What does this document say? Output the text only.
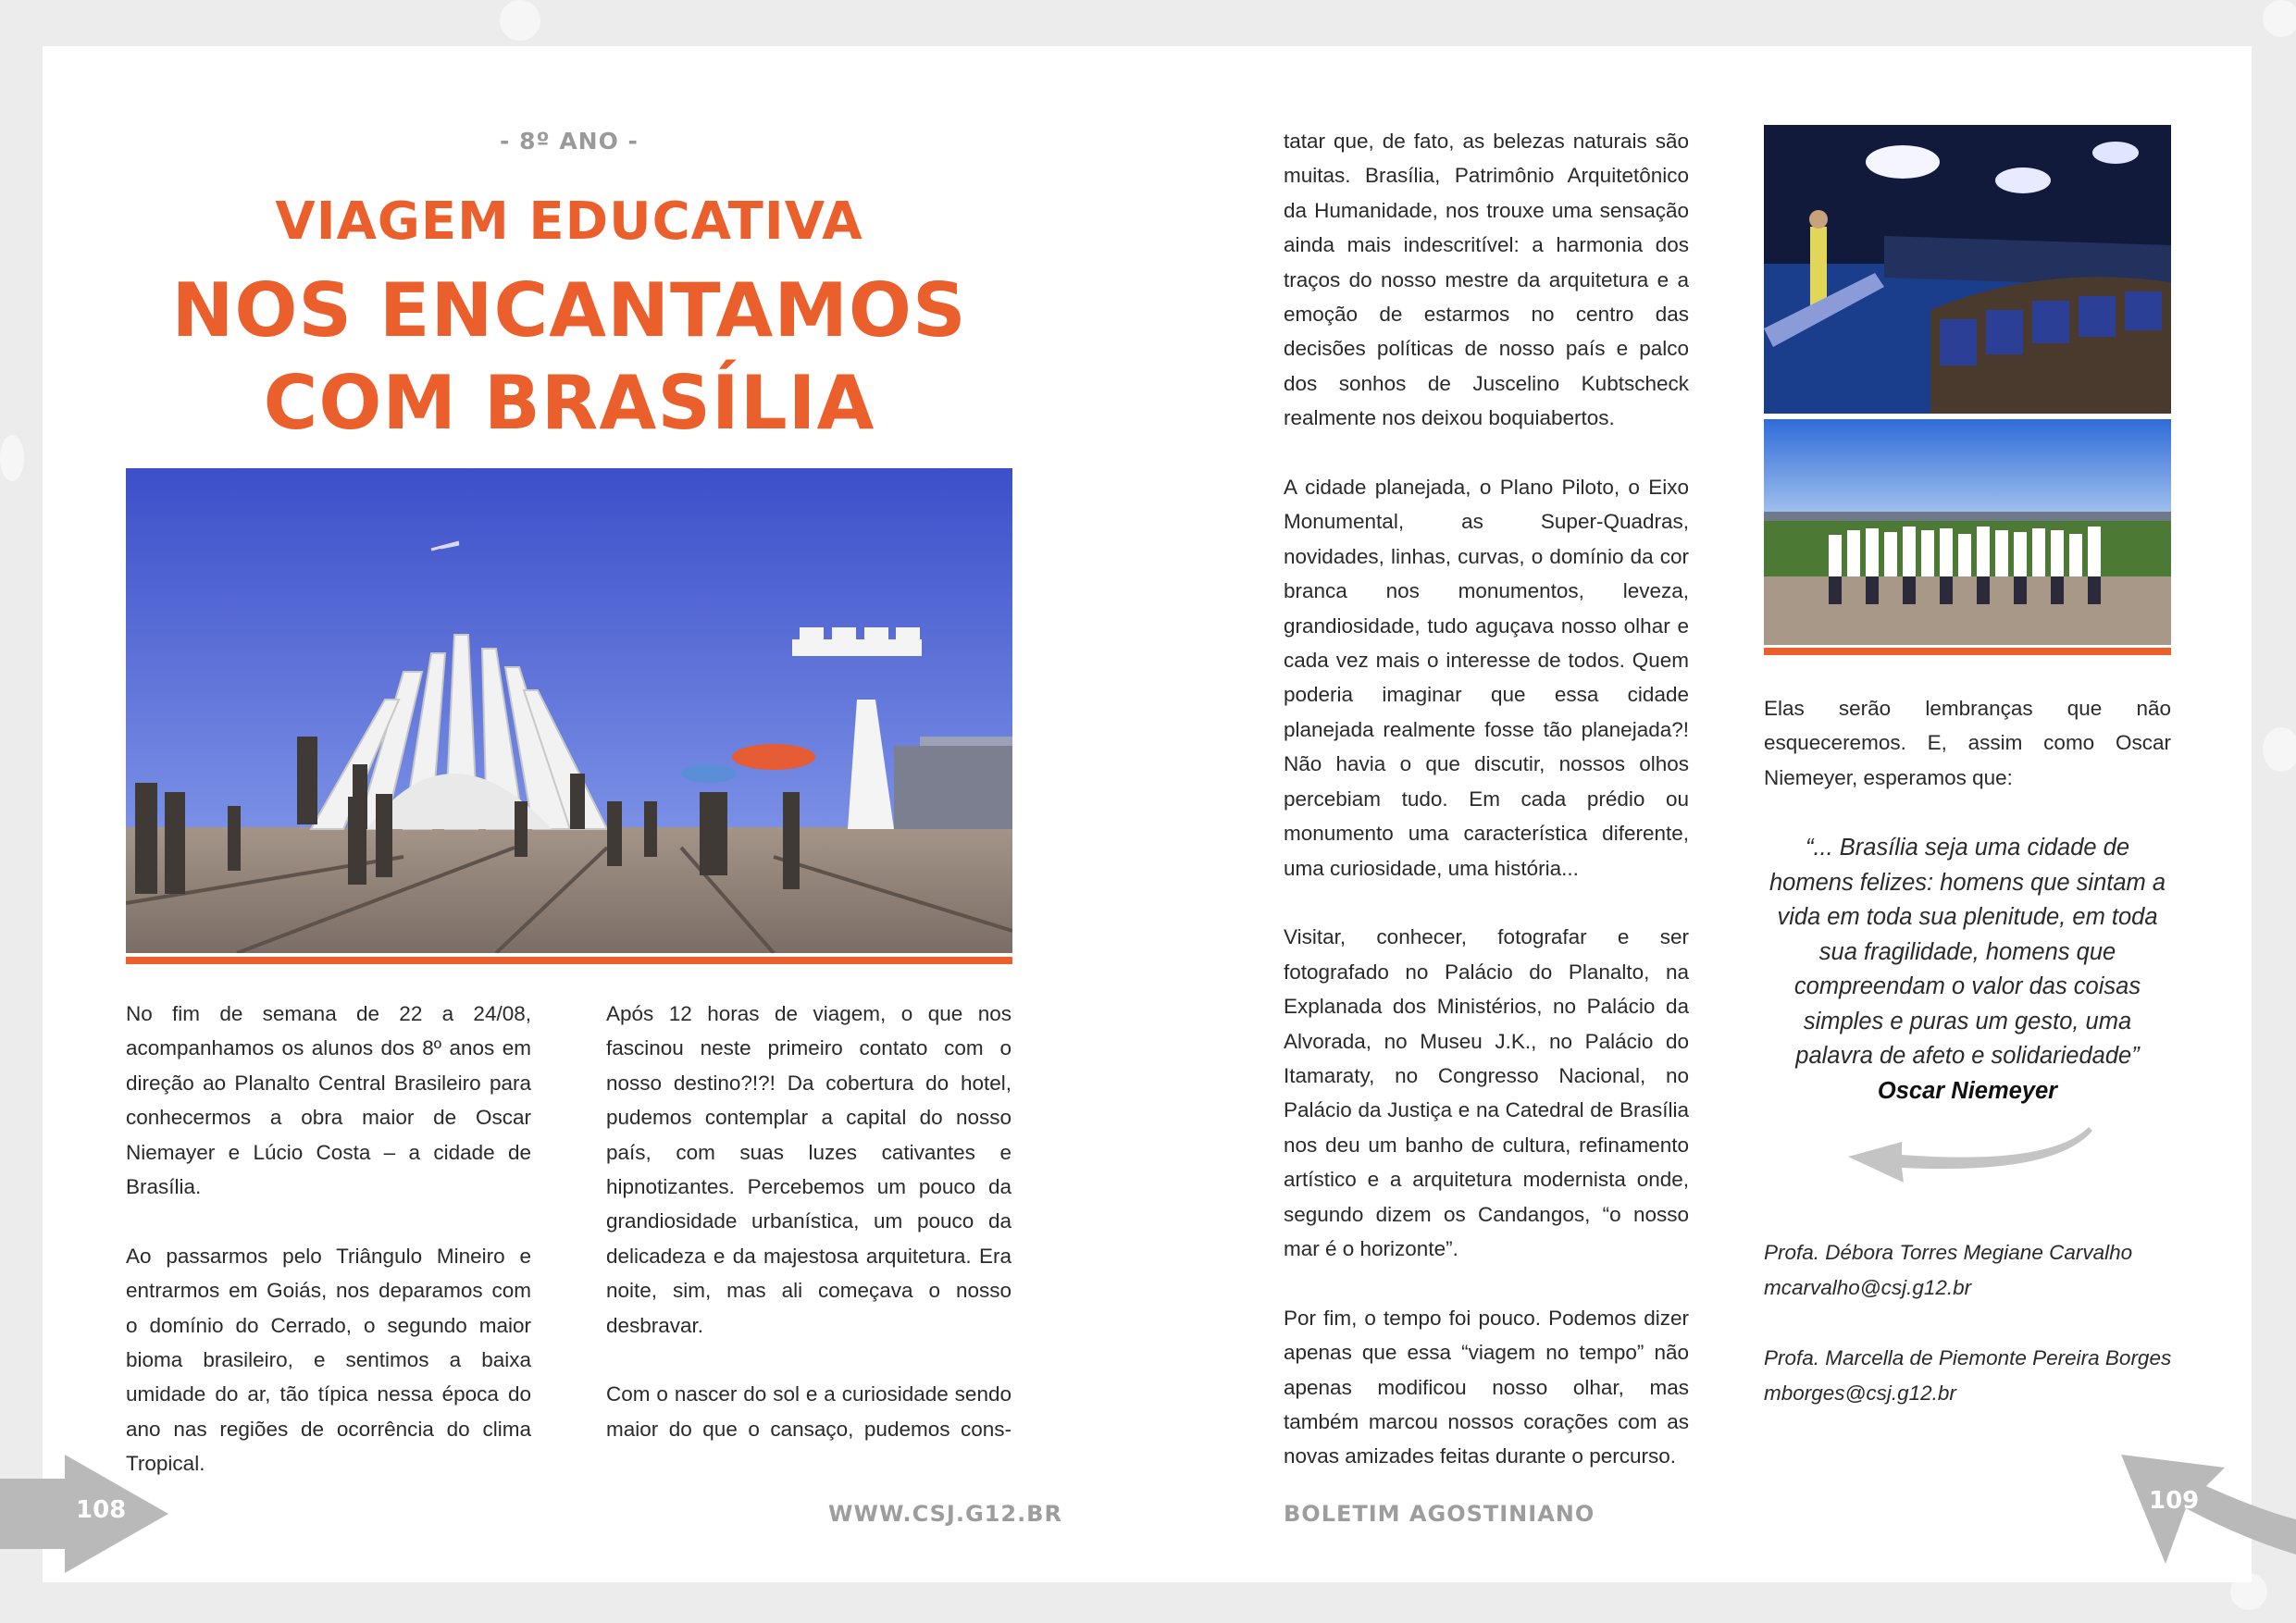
- 8º ANO -
VIAGEM EDUCATIVA
NOS ENCANTAMOS
COM BRASÍLIA

No fim de semana de 22 a 24/08, acompanhamos os alunos dos 8º anos em direção ao Planalto Central Brasileiro para conhecermos a obra maior de Oscar Niemayer e Lúcio Costa – a cidade de Brasília.

Ao passarmos pelo Triângulo Mineiro e entrarmos em Goiás, nos deparamos com o domínio do Cerrado, o segundo maior bioma brasileiro, e sentimos a baixa umidade do ar, tão típica nessa época do ano nas regiões de ocorrência do clima Tropical.

Após 12 horas de viagem, o que nos fascinou neste primeiro contato com o nosso destino?!?! Da cobertura do hotel, pudemos contemplar a capital do nosso país, com suas luzes cativantes e hipnotizantes. Percebemos um pouco da grandiosidade urbanística, um pouco da delicadeza e da majestosa arquitetura. Era noite, sim, mas ali começava o nosso desbravar.

Com o nascer do sol e a curiosidade sendo maior do que o cansaço, pudemos cons-

tatar que, de fato, as belezas naturais são muitas. Brasília, Patrimônio Arquitetônico da Humanidade, nos trouxe uma sensação ainda mais indescritível: a harmonia dos traços do nosso mestre da arquitetura e a emoção de estarmos no centro das decisões políticas de nosso país e palco dos sonhos de Juscelino Kubtscheck realmente nos deixou boquiabertos.

A cidade planejada, o Plano Piloto, o Eixo Monumental, as Super-Quadras, novidades, linhas, curvas, o domínio da cor branca nos monumentos, leveza, grandiosidade, tudo aguçava nosso olhar e cada vez mais o interesse de todos. Quem poderia imaginar que essa cidade planejada realmente fosse tão planejada?! Não havia o que discutir, nossos olhos percebiam tudo. Em cada prédio ou monumento uma característica diferente, uma curiosidade, uma história...

Visitar, conhecer, fotografar e ser fotografado no Palácio do Planalto, na Explanada dos Ministérios, no Palácio da Alvorada, no Museu J.K., no Palácio do Itamaraty, no Congresso Nacional, no Palácio da Justiça e na Catedral de Brasília nos deu um banho de cultura, refinamento artístico e a arquitetura modernista onde, segundo dizem os Candangos, “o nosso mar é o horizonte”.

Por fim, o tempo foi pouco. Podemos dizer apenas que essa “viagem no tempo” não apenas modificou nosso olhar, mas também marcou nossos corações com as novas amizades feitas durante o percurso.

Elas serão lembranças que não esqueceremos. E, assim como Oscar Niemeyer, esperamos que:

“... Brasília seja uma cidade de homens felizes: homens que sintam a vida em toda sua plenitude, em toda sua fragilidade, homens que compreendam o valor das coisas simples e puras um gesto, uma palavra de afeto e solidariedade”
Oscar Niemeyer
Profa. Débora Torres Megiane Carvalho
mcarvalho@csj.g12.br
Profa. Marcella de Piemonte Pereira Borges
mborges@csj.g12.br
108	109
WWW.CSJ.G12.BR	BOLETIM AGOSTINIANO
